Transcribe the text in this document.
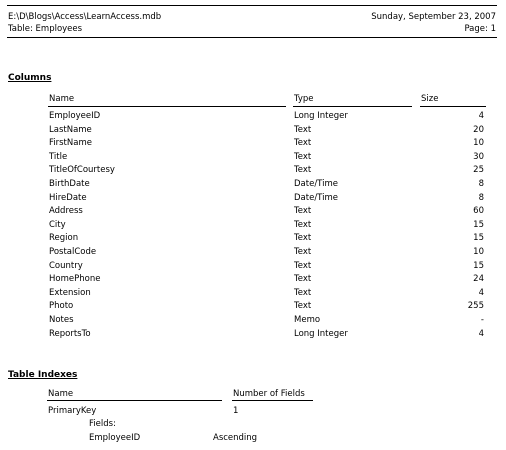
E:\D\Blogs\Access\LearnAccess.mdb	Sunday, September 23, 2007
Table: Employees	Page: 1
Columns
Name	Type	Size
EmployeeID	Long Integer	4
LastName	Text	20
FirstName	Text	10
Title	Text	30
TitleOfCourtesy	Text	25
BirthDate	Date/Time	8
HireDate	Date/Time	8
Address	Text	60
City	Text	15
Region	Text	15
PostalCode	Text	10
Country	Text	15
HomePhone	Text	24
Extension	Text	4
Photo	Text	255
Notes	Memo	-
ReportsTo	Long Integer	4
Table Indexes
Name	Number of Fields
PrimaryKey	1
Fields:
EmployeeID	Ascending
